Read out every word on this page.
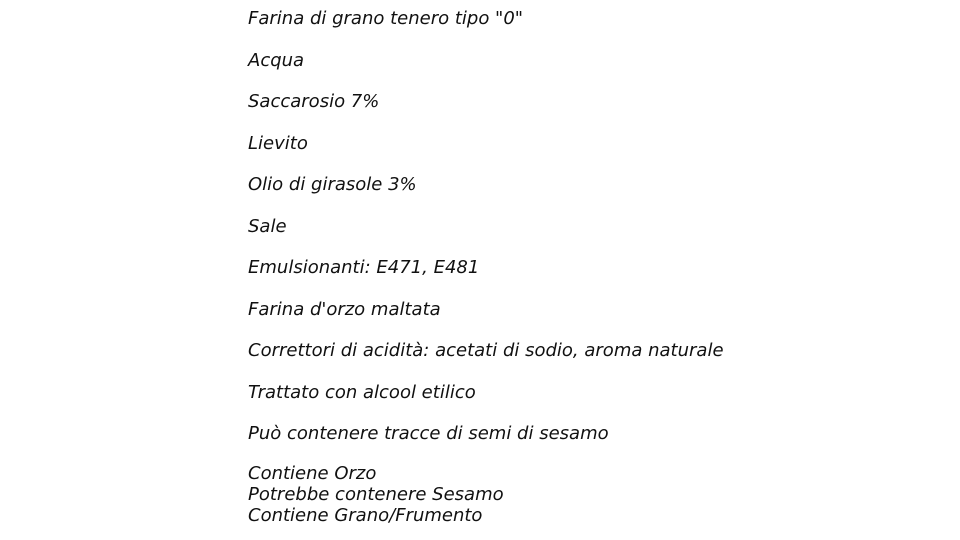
Farina di grano tenero tipo "0"
Acqua
Saccarosio 7%
Lievito
Olio di girasole 3%
Sale
Emulsionanti: E471, E481
Farina d'orzo maltata
Correttori di acidità: acetati di sodio, aroma naturale
Trattato con alcool etilico
Può contenere tracce di semi di sesamo
Contiene Orzo
Potrebbe contenere Sesamo
Contiene Grano/Frumento
